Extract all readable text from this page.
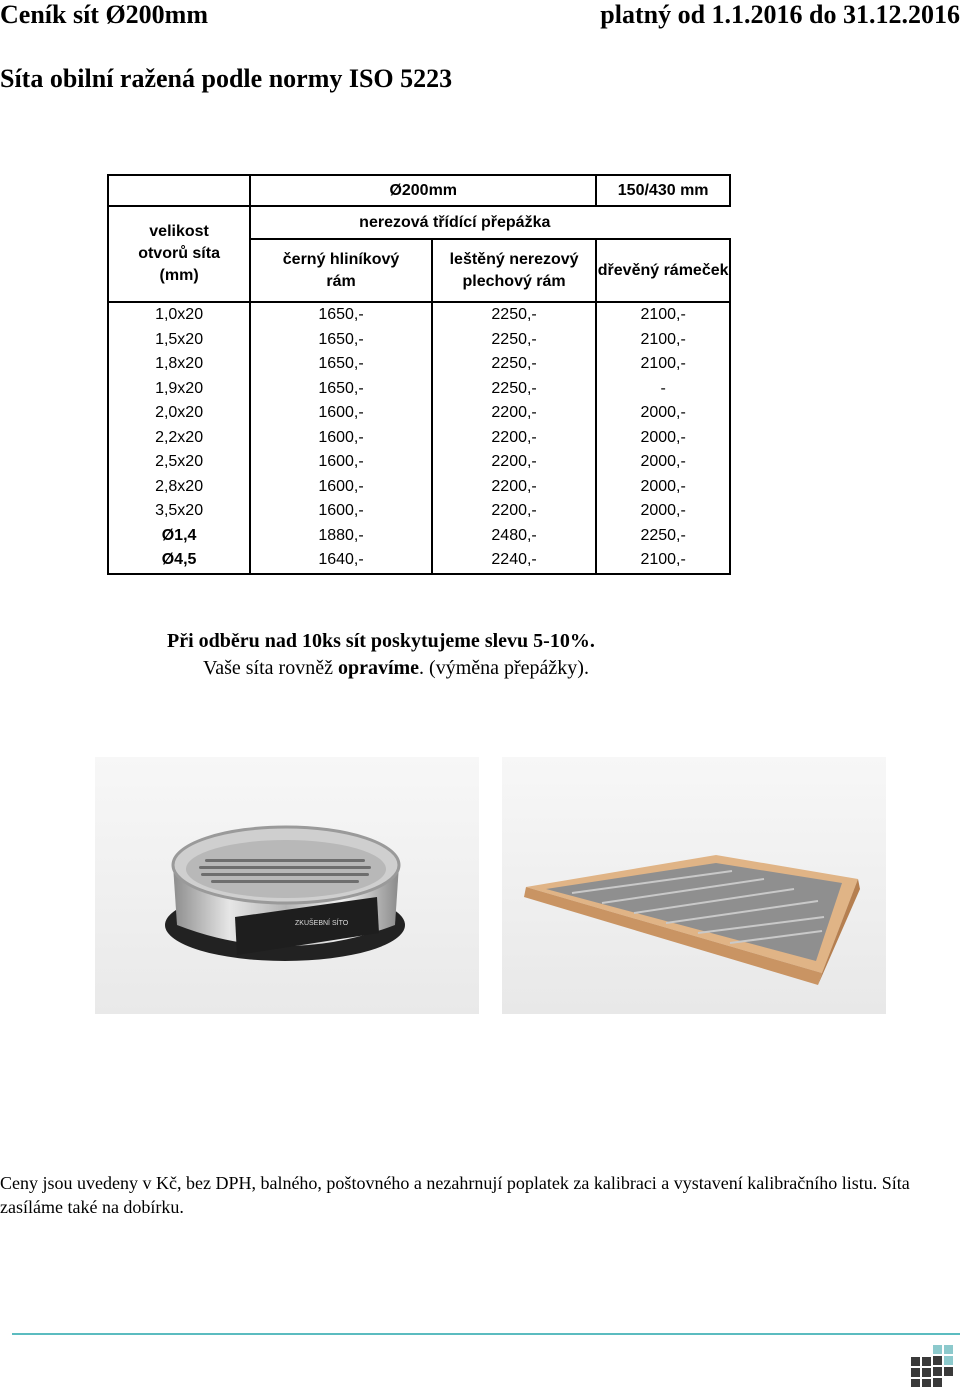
Ceník sít Ø200mm	platný od 1.1.2016 do 31.12.2016
Síta obilní ražená podle normy ISO 5223
	Ø200mm		150/430 mm
velikost otvorů síta (mm)	nerezová třídící přepážka		
	černý hliníkový rám	leštěný nerezový plechový rám	dřevěný rámeček
1,0x20	1650,-	2250,-	2100,-
1,5x20	1650,-	2250,-	2100,-
1,8x20	1650,-	2250,-	2100,-
1,9x20	1650,-	2250,-	-
2,0x20	1600,-	2200,-	2000,-
2,2x20	1600,-	2200,-	2000,-
2,5x20	1600,-	2200,-	2000,-
2,8x20	1600,-	2200,-	2000,-
3,5x20	1600,-	2200,-	2000,-
Ø1,4	1880,-	2480,-	2250,-
Ø4,5	1640,-	2240,-	2100,-
Při odběru nad 10ks sít poskytujeme slevu 5-10%.
Vaše síta rovněž opravíme. (výměna přepážky).
ZKUŠEBNÍ SÍTO
Ceny jsou uvedeny v Kč, bez DPH, balného, poštovného a nezahrnují poplatek za kalibraci a vystavení kalibračního listu. Síta zasíláme také na dobírku.
